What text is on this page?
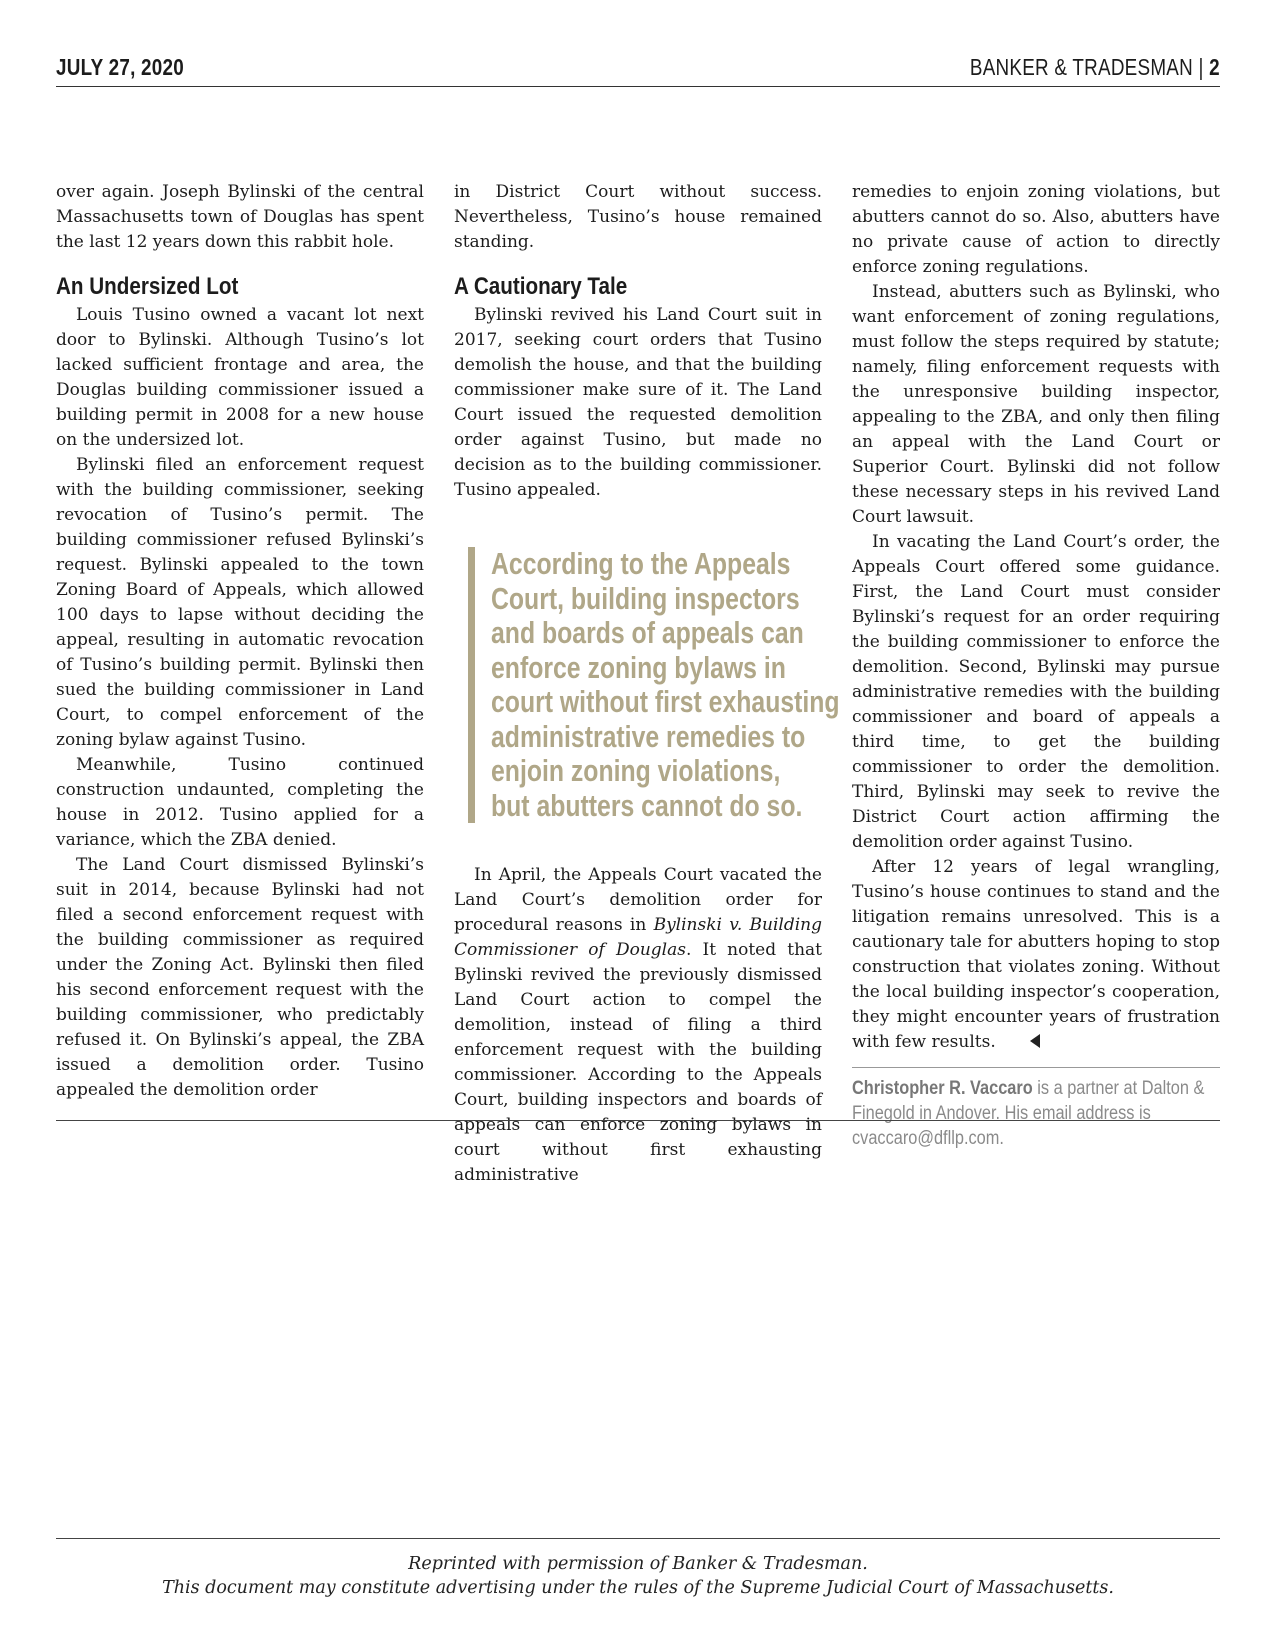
JULY 27, 2020	BANKER & TRADESMAN | 2

over again. Joseph Bylinski of the central Massachusetts town of Douglas has spent the last 12 years down this rabbit hole.

An Undersized Lot

Louis Tusino owned a vacant lot next door to Bylinski. Although Tusino’s lot lacked sufficient frontage and area, the Douglas building commissioner issued a building permit in 2008 for a new house on the undersized lot.

Bylinski filed an enforcement request with the building commissioner, seeking revocation of Tusino’s permit. The building commissioner refused Bylinski’s request. Bylinski appealed to the town Zoning Board of Appeals, which allowed 100 days to lapse without deciding the appeal, resulting in automatic revocation of Tusino’s building permit. Bylinski then sued the building commissioner in Land Court, to compel enforcement of the zoning bylaw against Tusino.

Meanwhile, Tusino continued construction undaunted, completing the house in 2012. Tusino applied for a variance, which the ZBA denied.

The Land Court dismissed Bylinski’s suit in 2014, because Bylinski had not filed a second enforcement request with the building commissioner as required under the Zoning Act. Bylinski then filed his second enforcement request with the building commissioner, who predictably refused it. On Bylinski’s appeal, the ZBA issued a demolition order. Tusino appealed the demolition order

in District Court without success. Nevertheless, Tusino’s house remained standing.

A Cautionary Tale

Bylinski revived his Land Court suit in 2017, seeking court orders that Tusino demolish the house, and that the building commissioner make sure of it. The Land Court issued the requested demolition order against Tusino, but made no decision as to the building commissioner. Tusino appealed.

According to the Appeals
Court, building inspectors
and boards of appeals can
enforce zoning bylaws in
court without first exhausting
administrative remedies to
enjoin zoning violations,
but abutters cannot do so.

In April, the Appeals Court vacated the Land Court’s demolition order for procedural reasons in Bylinski v. Building Commissioner of Douglas. It noted that Bylinski revived the previously dismissed Land Court action to compel the demolition, instead of filing a third enforcement request with the building commissioner. According to the Appeals Court, building inspectors and boards of appeals can enforce zoning bylaws in court without first exhausting administrative

remedies to enjoin zoning violations, but abutters cannot do so. Also, abutters have no private cause of action to directly enforce zoning regulations.

Instead, abutters such as Bylinski, who want enforcement of zoning regulations, must follow the steps required by statute; namely, filing enforcement requests with the unresponsive building inspector, appealing to the ZBA, and only then filing an appeal with the Land Court or Superior Court. Bylinski did not follow these necessary steps in his revived Land Court lawsuit.

In vacating the Land Court’s order, the Appeals Court offered some guidance. First, the Land Court must consider Bylinski’s request for an order requiring the building commissioner to enforce the demolition. Second, Bylinski may pursue administrative remedies with the building commissioner and board of appeals a third time, to get the building commissioner to order the demolition. Third, Bylinski may seek to revive the District Court action affirming the demolition order against Tusino.

After 12 years of legal wrangling, Tusino’s house continues to stand and the litigation remains unresolved. This is a cautionary tale for abutters hoping to stop construction that violates zoning. Without the local building inspector’s cooperation, they might encounter years of frustration with few results.

Christopher R. Vaccaro is a partner at Dalton & Finegold in Andover. His email address is cvaccaro@dfllp.com.
Reprinted with permission of Banker & Tradesman.
This document may constitute advertising under the rules of the Supreme Judicial Court of Massachusetts.
